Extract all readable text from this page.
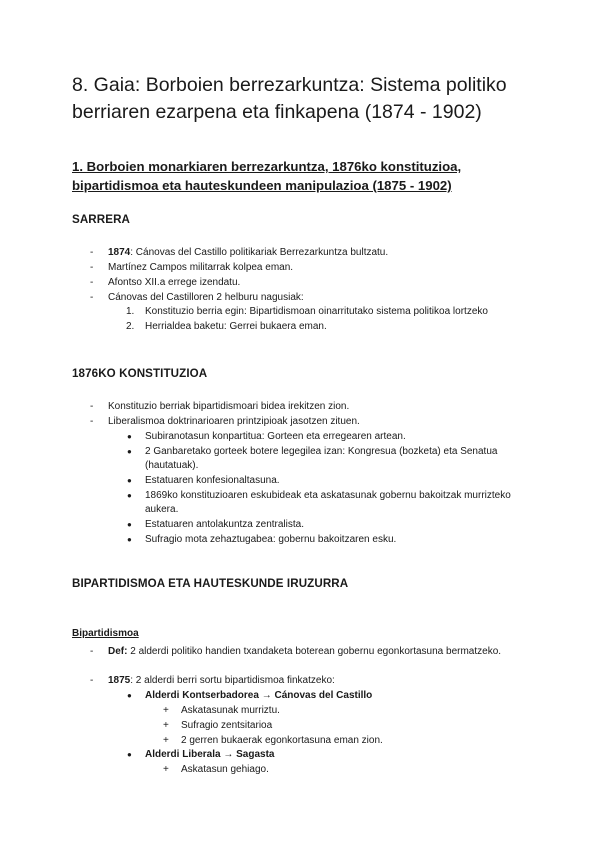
8. Gaia: Borboien berrezarkuntza: Sistema politiko berriaren ezarpena eta finkapena (1874 - 1902)
1. Borboien monarkiaren berrezarkuntza, 1876ko konstituzioa, bipartidismoa eta hauteskundeen manipulazioa (1875 - 1902)
SARRERA
- 1874: Cánovas del Castillo politikariak Berrezarkuntza bultzatu.
- Martínez Campos militarrak kolpea eman.
- Afontso XII.a errege izendatu.
- Cánovas del Castilloren 2 helburu nagusiak:
1. Konstituzio berria egin: Bipartidismoan oinarritutako sistema politikoa lortzeko
2. Herrialdea baketu: Gerrei bukaera eman.
1876KO KONSTITUZIOA
- Konstituzio berriak bipartidismoari bidea irekitzen zion.
- Liberalismoa doktrinarioaren printzipioak jasotzen zituen.
● Subiranotasun konpartitua: Gorteen eta erregearen artean.
● 2 Ganbaretako gorteek botere legegilea izan: Kongresua (bozketa) eta Senatua (hautatuak).
● Estatuaren konfesionaltasuna.
● 1869ko konstituzioaren eskubideak eta askatasunak gobernu bakoitzak murrizteko aukera.
● Estatuaren antolakuntza zentralista.
● Sufragio mota zehaztugabea: gobernu bakoitzaren esku.
BIPARTIDISMOA ETA HAUTESKUNDE IRUZURRA
Bipartidismoa
- Def: 2 alderdi politiko handien txandaketa boterean gobernu egonkortasuna bermatzeko.
- 1875: 2 alderdi berri sortu bipartidismoa finkatzeko:
● Alderdi Kontserbadorea → Cánovas del Castillo
+ Askatasunak murriztu.
+ Sufragio zentsitarioa
+ 2 gerren bukaerak egonkortasuna eman zion.
● Alderdi Liberala → Sagasta
+ Askatasun gehiago.
